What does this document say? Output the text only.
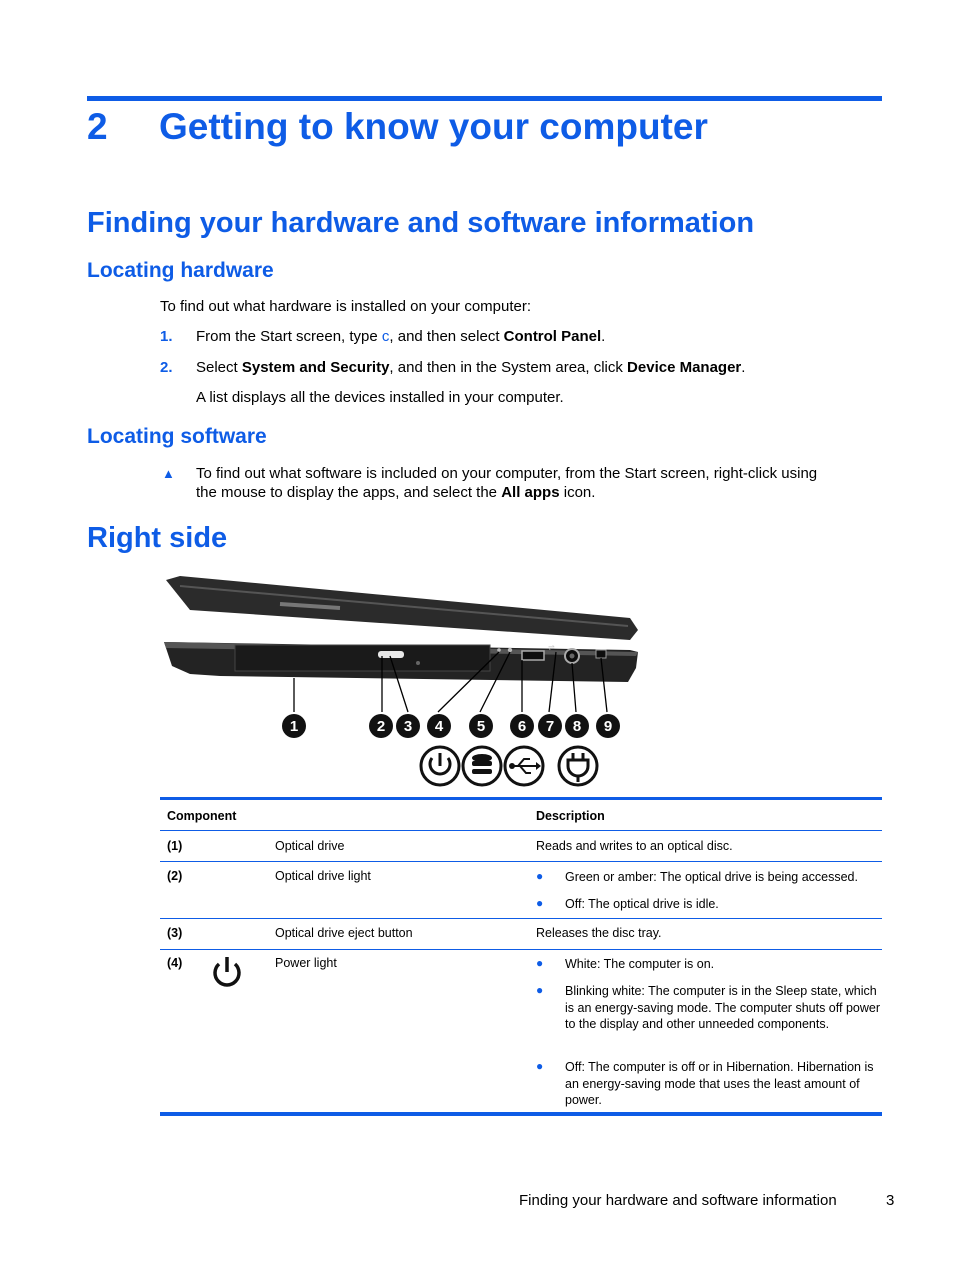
2 Getting to know your computer
Finding your hardware and software information
Locating hardware
To find out what hardware is installed on your computer:
1. From the Start screen, type c, and then select Control Panel.
2. Select System and Security, and then in the System area, click Device Manager.
A list displays all the devices installed in your computer.
Locating software
▲ To find out what software is included on your computer, from the Start screen, right-click using
the mouse to display the apps, and select the All apps icon.
Right side
⇌
1	2 3 4 5 6 7 8 9
Component	Description
(1)	Optical drive	Reads and writes to an optical disc.
(2)	Optical drive light	● Green or amber: The optical drive is being accessed.
● Off: The optical drive is idle.
(3)	Optical drive eject button	Releases the disc tray.
(4)	Power light	● White: The computer is on.
● Blinking white: The computer is in the Sleep state, which is an energy-saving mode. The computer shuts off power to the display and other unneeded components.
● Off: The computer is off or in Hibernation. Hibernation is an energy-saving mode that uses the least amount of power.
Finding your hardware and software information	3
